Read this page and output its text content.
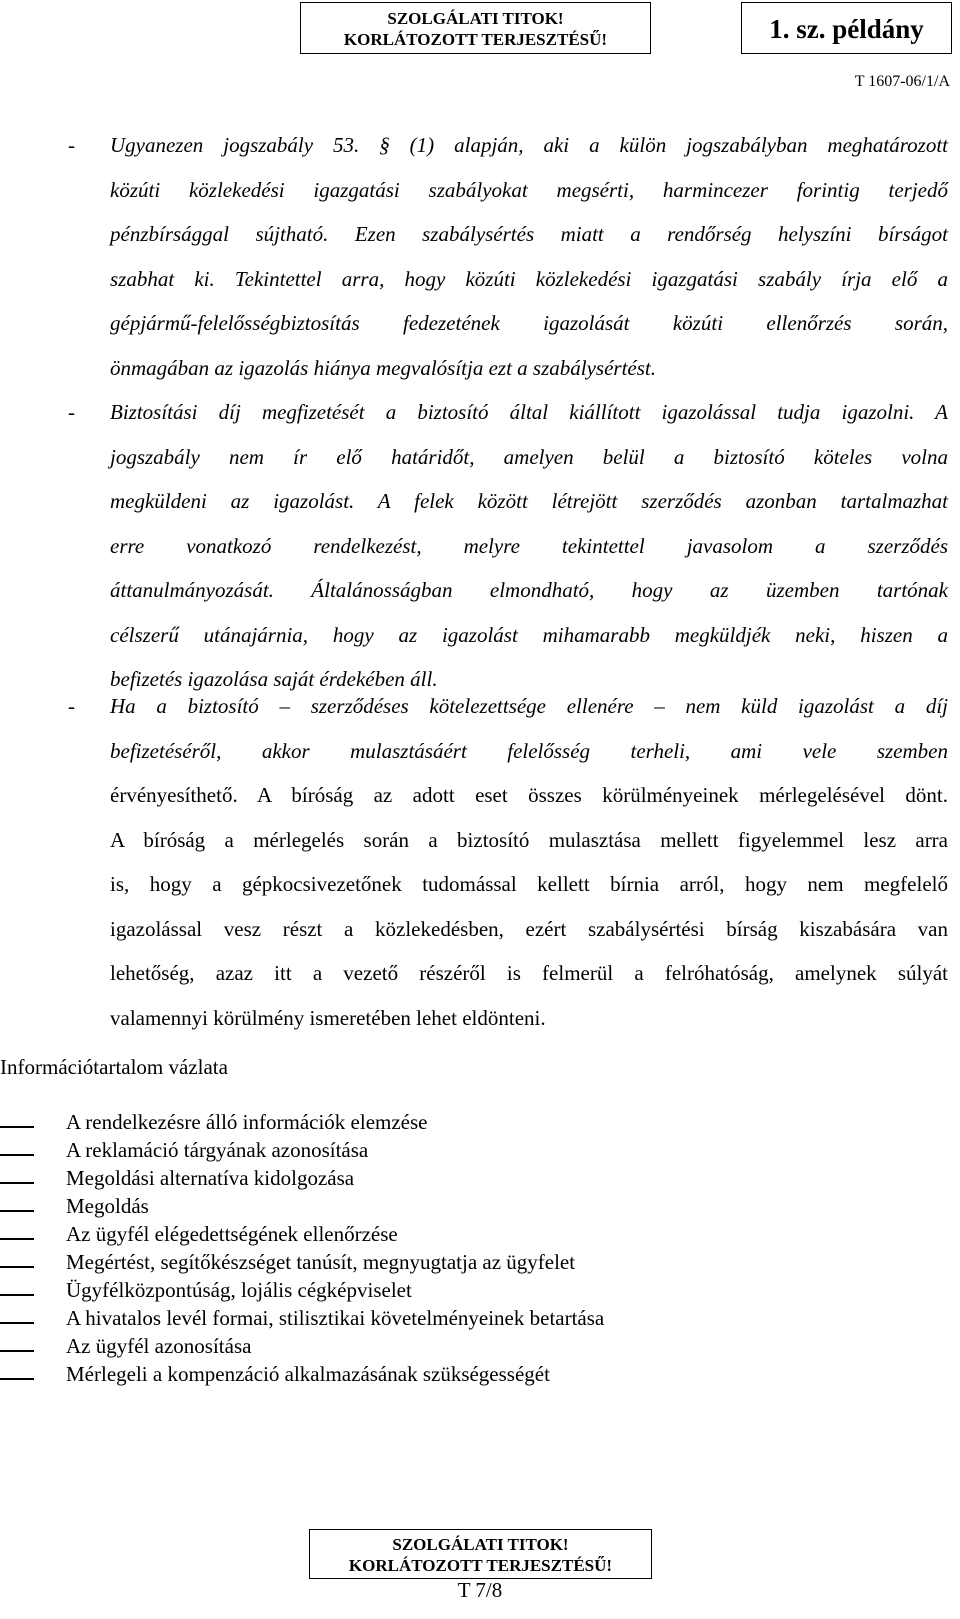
SZOLGÁLATI TITOK!
KORLÁTOZOTT TERJESZTÉSŰ!	1. sz. példány
T 1607-06/1/A
- Ugyanezen jogszabály 53. § (1) alapján, aki a külön jogszabályban meghatározott

közúti közlekedési igazgatási szabályokat megsérti, harmincezer forintig terjedő

pénzbírsággal sújtható. Ezen szabálysértés miatt a rendőrség helyszíni bírságot

szabhat ki. Tekintettel arra, hogy közúti közlekedési igazgatási szabály írja elő a

gépjármű-felelősségbiztosítás fedezetének igazolását közúti ellenőrzés során,

önmagában az igazolás hiánya megvalósítja ezt a szabálysértést.

- Biztosítási díj megfizetését a biztosító által kiállított igazolással tudja igazolni. A

jogszabály nem ír elő határidőt, amelyen belül a biztosító köteles volna

megküldeni az igazolást. A felek között létrejött szerződés azonban tartalmazhat

erre vonatkozó rendelkezést, melyre tekintettel javasolom a szerződés

áttanulmányozását. Általánosságban elmondható, hogy az üzemben tartónak

célszerű utánajárnia, hogy az igazolást mihamarabb megküldjék neki, hiszen a

befizetés igazolása saját érdekében áll.

- Ha a biztosító – szerződéses kötelezettsége ellenére – nem küld igazolást a díj

befizetéséről, akkor mulasztásáért felelősség terheli, ami vele szemben

érvényesíthető. A bíróság az adott eset összes körülményeinek mérlegelésével dönt.

A bíróság a mérlegelés során a biztosító mulasztása mellett figyelemmel lesz arra

is, hogy a gépkocsivezetőnek tudomással kellett bírnia arról, hogy nem megfelelő

igazolással vesz részt a közlekedésben, ezért szabálysértési bírság kiszabására van

lehetőség, azaz itt a vezető részéről is felmerül a felróhatóság, amelynek súlyát

valamennyi körülmény ismeretében lehet eldönteni.

Információtartalom vázlata
A rendelkezésre álló információk elemzése
A reklamáció tárgyának azonosítása
Megoldási alternatíva kidolgozása
Megoldás
Az ügyfél elégedettségének ellenőrzése
Megértést, segítőkészséget tanúsít, megnyugtatja az ügyfelet
Ügyfélközpontúság, lojális cégképviselet
A hivatalos levél formai, stilisztikai követelményeinek betartása
Az ügyfél azonosítása
Mérlegeli a kompenzáció alkalmazásának szükségességét
SZOLGÁLATI TITOK!
KORLÁTOZOTT TERJESZTÉSŰ!
T 7/8
